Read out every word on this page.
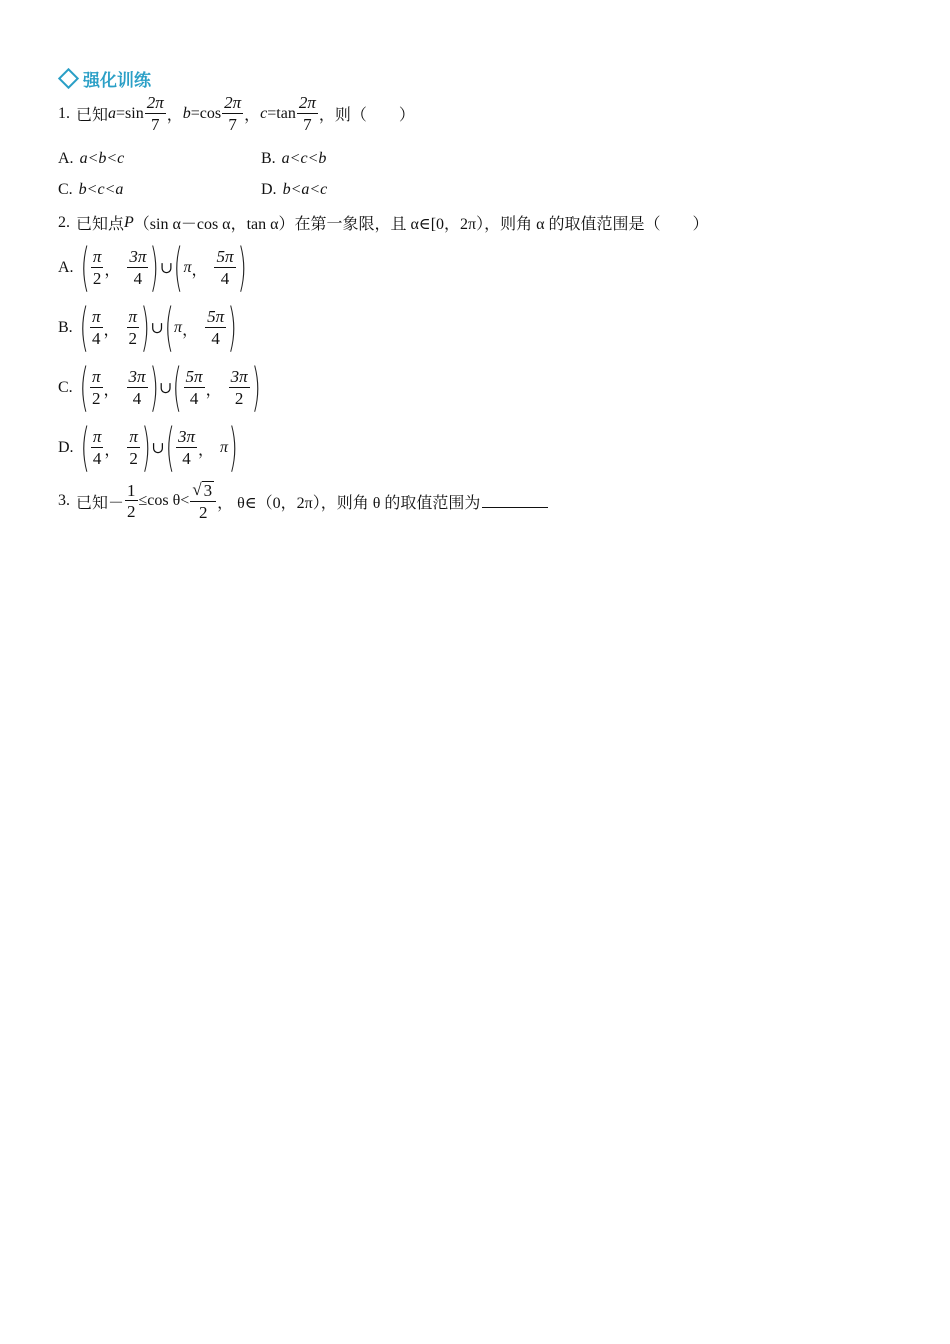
强化训练
1. 已知 $a =\sin \frac{2\pi}{7}$ ， $b =\cos \frac{2\pi}{7}$ ， $c =\tan \frac{2\pi}{7}$ ，则（　　）
A. a<b<c	B. a<c<b
C. b<c<a	D. b<a<c
2. 已知点 P （sin α－cos α，tan α）在第一象限，且 α∈[0，2π），则角 α 的取值范围是（　　）
A. ( $\frac{\pi}{2}$ ， $\frac{3\pi}{4}$ ) ∪ ( π ， $\frac{5\pi}{4}$ )
B. ( $\frac{\pi}{4}$ ， $\frac{\pi}{2}$ ) ∪ ( π ， $\frac{5\pi}{4}$ )
C. ( $\frac{\pi}{2}$ ， $\frac{3\pi}{4}$ ) ∪ ( $\frac{5\pi}{4}$ ， $\frac{3\pi}{2}$ )
D. ( $\frac{\pi}{4}$ ， $\frac{\pi}{2}$ ) ∪ ( $\frac{3\pi}{4}$ ， π )
3. 已知－ $\frac{1}{2} \le\cos$ $\theta< \frac{√ 3}{2}$ ， θ∈（0，2π），则角 θ 的取值范围为
